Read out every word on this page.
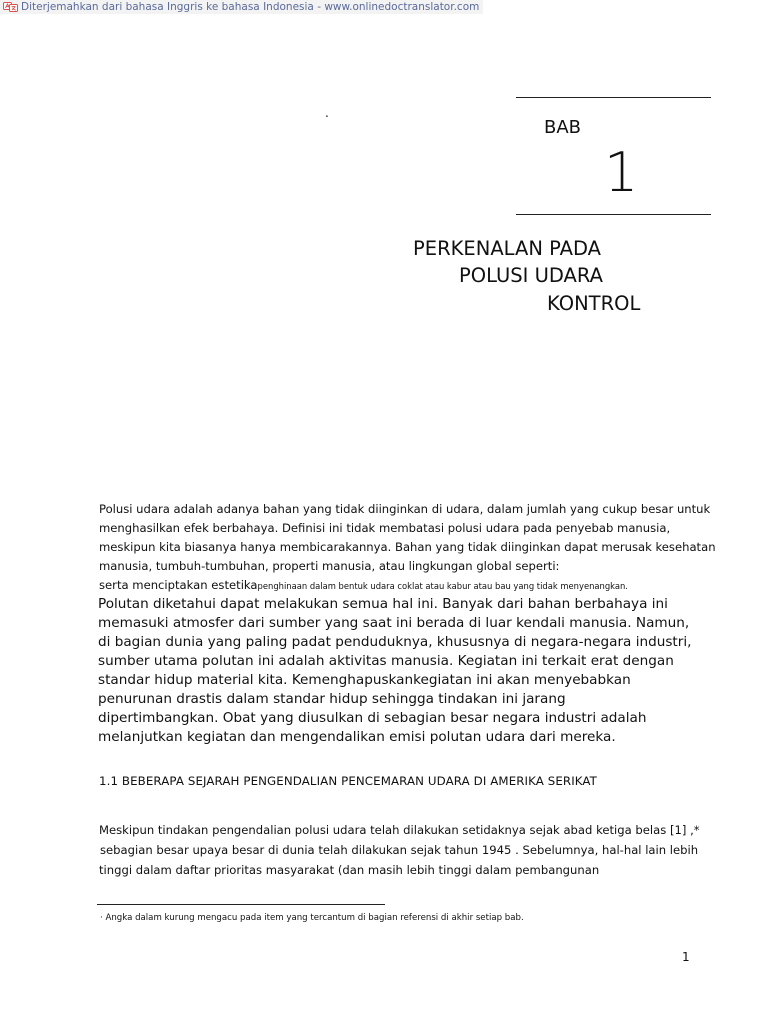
Diterjemahkan dari bahasa Inggris ke bahasa Indonesia - www.onlinedoctranslator.com
.
BAB
1
PERKENALAN PADA
POLUSI UDARA
KONTROL
Polusi udara adalah adanya bahan yang tidak diinginkan di udara, dalam jumlah yang cukup besar untuk
menghasilkan efek berbahaya. Definisi ini tidak membatasi polusi udara pada penyebab manusia,
meskipun kita biasanya hanya membicarakannya. Bahan yang tidak diinginkan dapat merusak kesehatan
manusia, tumbuh-tumbuhan, properti manusia, atau lingkungan global seperti:
serta menciptakan estetikapenghinaan dalam bentuk udara coklat atau kabur atau bau yang tidak menyenangkan.
Polutan diketahui dapat melakukan semua hal ini. Banyak dari bahan berbahaya ini
memasuki atmosfer dari sumber yang saat ini berada di luar kendali manusia. Namun,
di bagian dunia yang paling padat penduduknya, khususnya di negara-negara industri,
sumber utama polutan ini adalah aktivitas manusia. Kegiatan ini terkait erat dengan
standar hidup material kita. Kemenghapuskankegiatan ini akan menyebabkan
penurunan drastis dalam standar hidup sehingga tindakan ini jarang
dipertimbangkan. Obat yang diusulkan di sebagian besar negara industri adalah
melanjutkan kegiatan dan mengendalikan emisi polutan udara dari mereka.
1.1 BEBERAPA SEJARAH PENGENDALIAN PENCEMARAN UDARA DI AMERIKA SERIKAT
Meskipun tindakan pengendalian polusi udara telah dilakukan setidaknya sejak abad ketiga belas [1] ,*
sebagian besar upaya besar di dunia telah dilakukan sejak tahun 1945 . Sebelumnya, hal-hal lain lebih
tinggi dalam daftar prioritas masyarakat (dan masih lebih tinggi dalam pembangunan
· Angka dalam kurung mengacu pada item yang tercantum di bagian referensi di akhir setiap bab.
1
